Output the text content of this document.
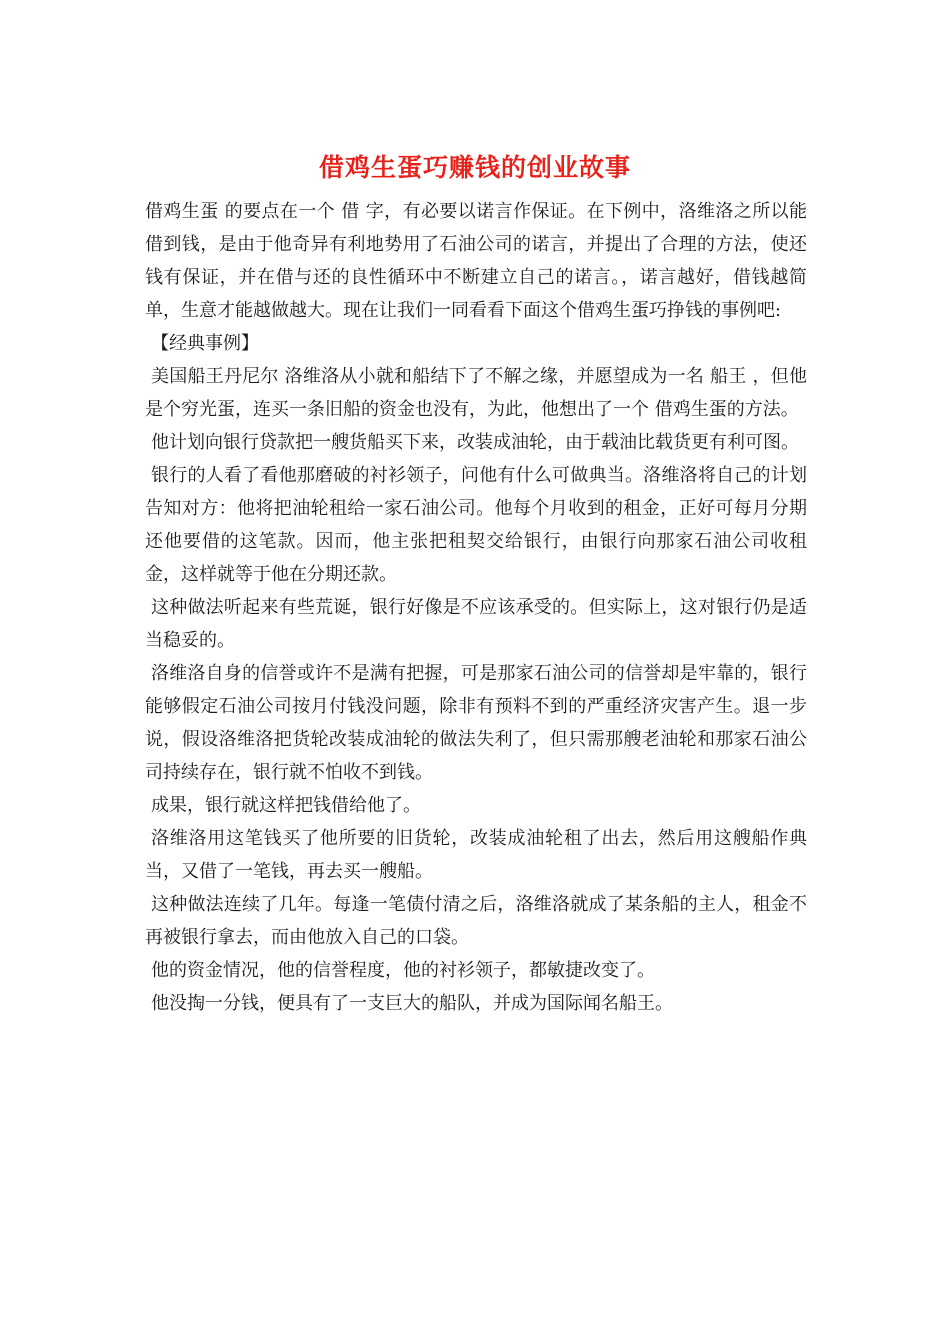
借鸡生蛋巧赚钱的创业故事

借鸡生蛋 的要点在一个 借 字，有必要以诺言作保证。在下例中，洛维洛之所以能借到钱，是由于他奇异有利地势用了石油公司的诺言，并提出了合理的方法，使还钱有保证，并在借与还的良性循环中不断建立自己的诺言。，诺言越好，借钱越简单，生意才能越做越大。现在让我们一同看看下面这个借鸡生蛋巧挣钱的事例吧:

【经典事例】

美国船王丹尼尔 洛维洛从小就和船结下了不解之缘，并愿望成为一名 船王 ，但他是个穷光蛋，连买一条旧船的资金也没有，为此，他想出了一个 借鸡生蛋的方法。

他计划向银行贷款把一艘货船买下来，改装成油轮，由于载油比载货更有利可图。

银行的人看了看他那磨破的衬衫领子，问他有什么可做典当。洛维洛将自己的计划告知对方：他将把油轮租给一家石油公司。他每个月收到的租金，正好可每月分期还他要借的这笔款。因而，他主张把租契交给银行，由银行向那家石油公司收租金，这样就等于他在分期还款。

这种做法听起来有些荒诞，银行好像是不应该承受的。但实际上，这对银行仍是适当稳妥的。

洛维洛自身的信誉或许不是满有把握，可是那家石油公司的信誉却是牢靠的，银行能够假定石油公司按月付钱没问题，除非有预料不到的严重经济灾害产生。退一步说，假设洛维洛把货轮改装成油轮的做法失利了，但只需那艘老油轮和那家石油公司持续存在，银行就不怕收不到钱。

成果，银行就这样把钱借给他了。

洛维洛用这笔钱买了他所要的旧货轮，改装成油轮租了出去，然后用这艘船作典当，又借了一笔钱，再去买一艘船。

这种做法连续了几年。每逢一笔债付清之后，洛维洛就成了某条船的主人，租金不再被银行拿去，而由他放入自己的口袋。

他的资金情况，他的信誉程度，他的衬衫领子，都敏捷改变了。

他没掏一分钱，便具有了一支巨大的船队，并成为国际闻名船王。
